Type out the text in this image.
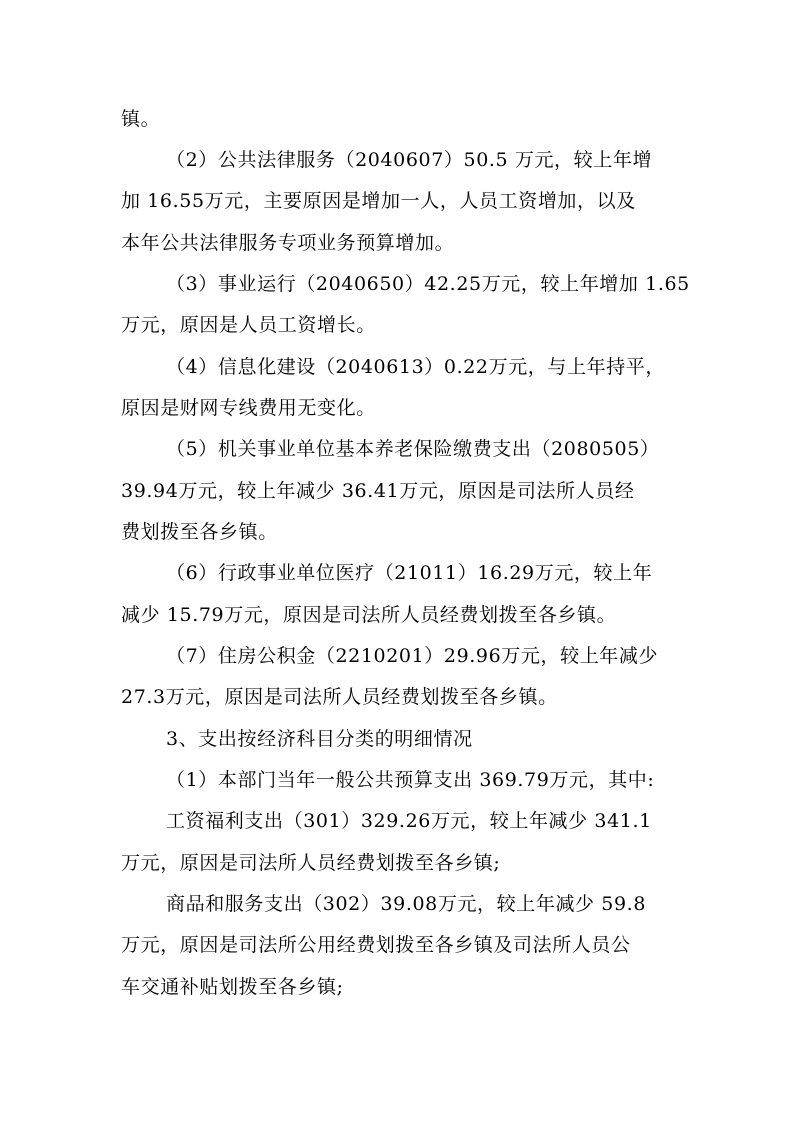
镇。
（2）公共法律服务（2040607）50.5 万元，较上年增
加 16.55万元，主要原因是增加一人，人员工资增加，以及
本年公共法律服务专项业务预算增加。
（3）事业运行（2040650）42.25万元，较上年增加 1.65
万元，原因是人员工资增长。
（4）信息化建设（2040613）0.22万元，与上年持平，
原因是财网专线费用无变化。
（5）机关事业单位基本养老保险缴费支出（2080505）
39.94万元，较上年减少 36.41万元，原因是司法所人员经
费划拨至各乡镇。
（6）行政事业单位医疗（21011）16.29万元，较上年
减少 15.79万元，原因是司法所人员经费划拨至各乡镇。
（7）住房公积金（2210201）29.96万元，较上年减少
27.3万元，原因是司法所人员经费划拨至各乡镇。
3、支出按经济科目分类的明细情况
（1）本部门当年一般公共预算支出 369.79万元，其中:
工资福利支出（301）329.26万元，较上年减少 341.1
万元，原因是司法所人员经费划拨至各乡镇;
商品和服务支出（302）39.08万元，较上年减少 59.8
万元，原因是司法所公用经费划拨至各乡镇及司法所人员公
车交通补贴划拨至各乡镇;
